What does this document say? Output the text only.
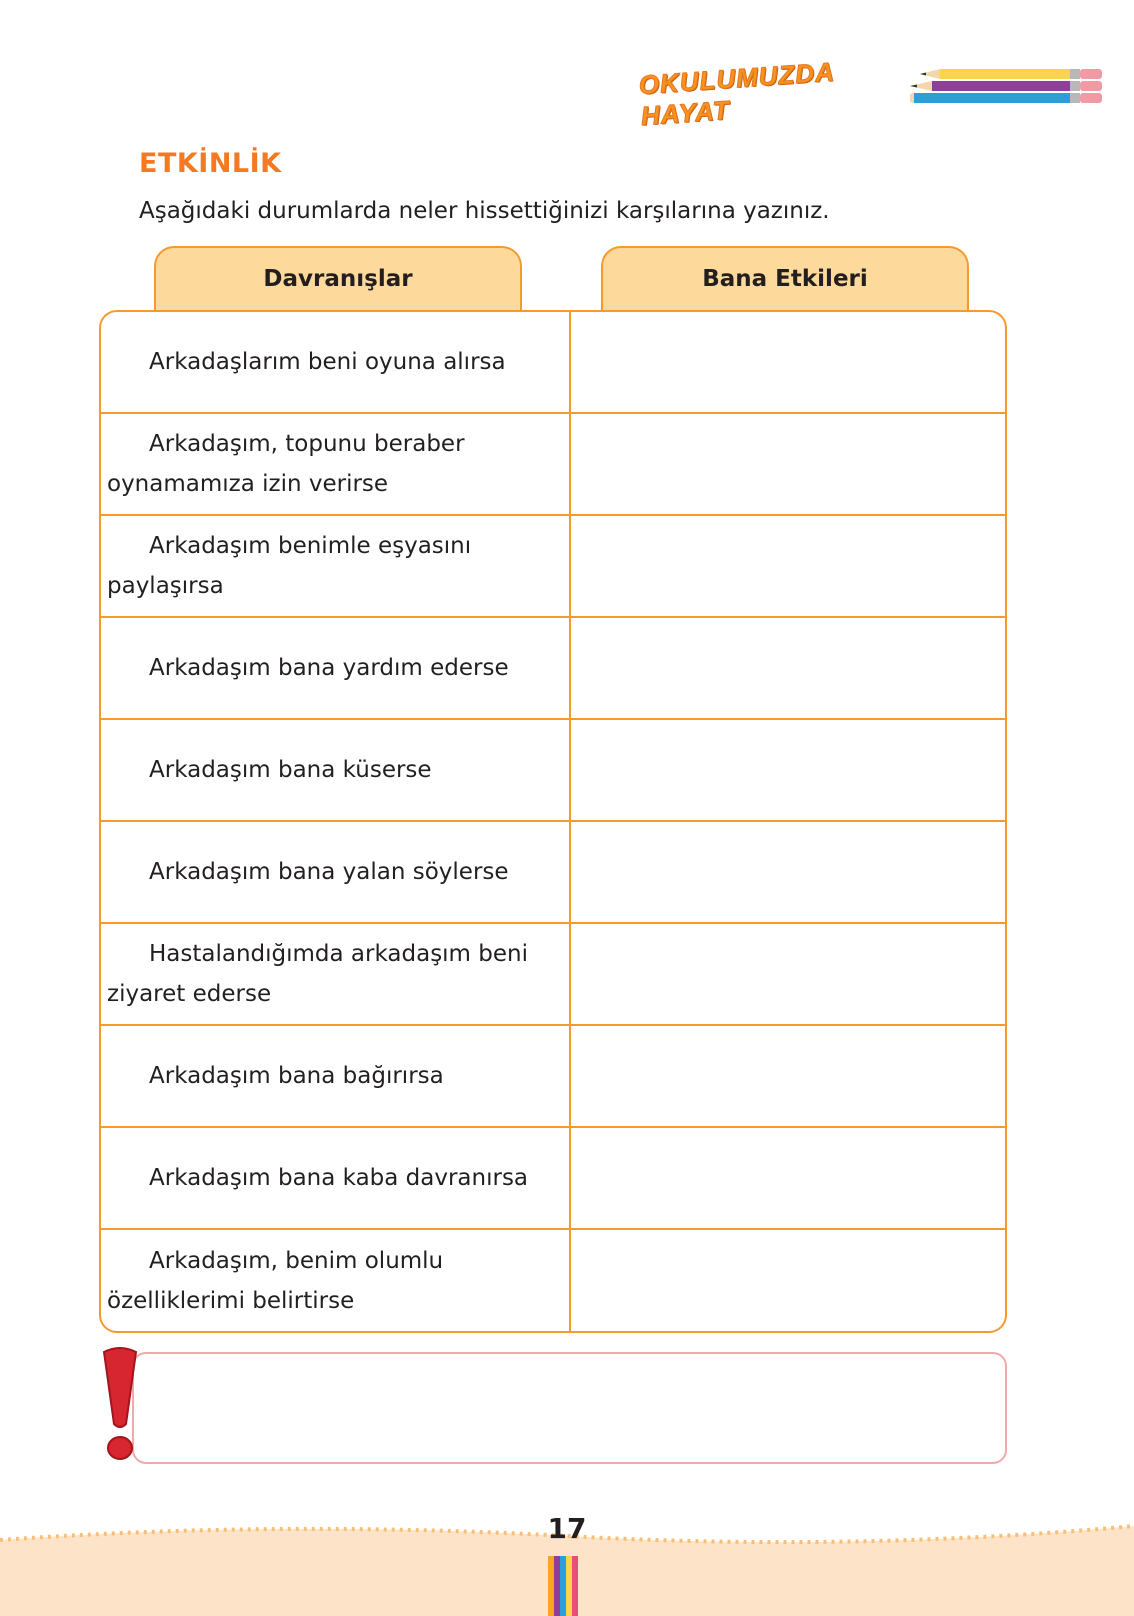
OKULUMUZDA HAYAT
ETKİNLİK
Aşağıdaki durumlarda neler hissettiğinizi karşılarına yazınız.
Davranışlar	Bana Etkileri
Arkadaşlarım beni oyuna alırsa
Arkadaşım, topunu beraber oynamamıza izin verirse
Arkadaşım benimle eşyasını paylaşırsa
Arkadaşım bana yardım ederse
Arkadaşım bana küserse
Arkadaşım bana yalan söylerse
Hastalandığımda arkadaşım beni ziyaret ederse
Arkadaşım bana bağırırsa
Arkadaşım bana kaba davranırsa
Arkadaşım, benim olumlu özelliklerimi belirtirse
17
